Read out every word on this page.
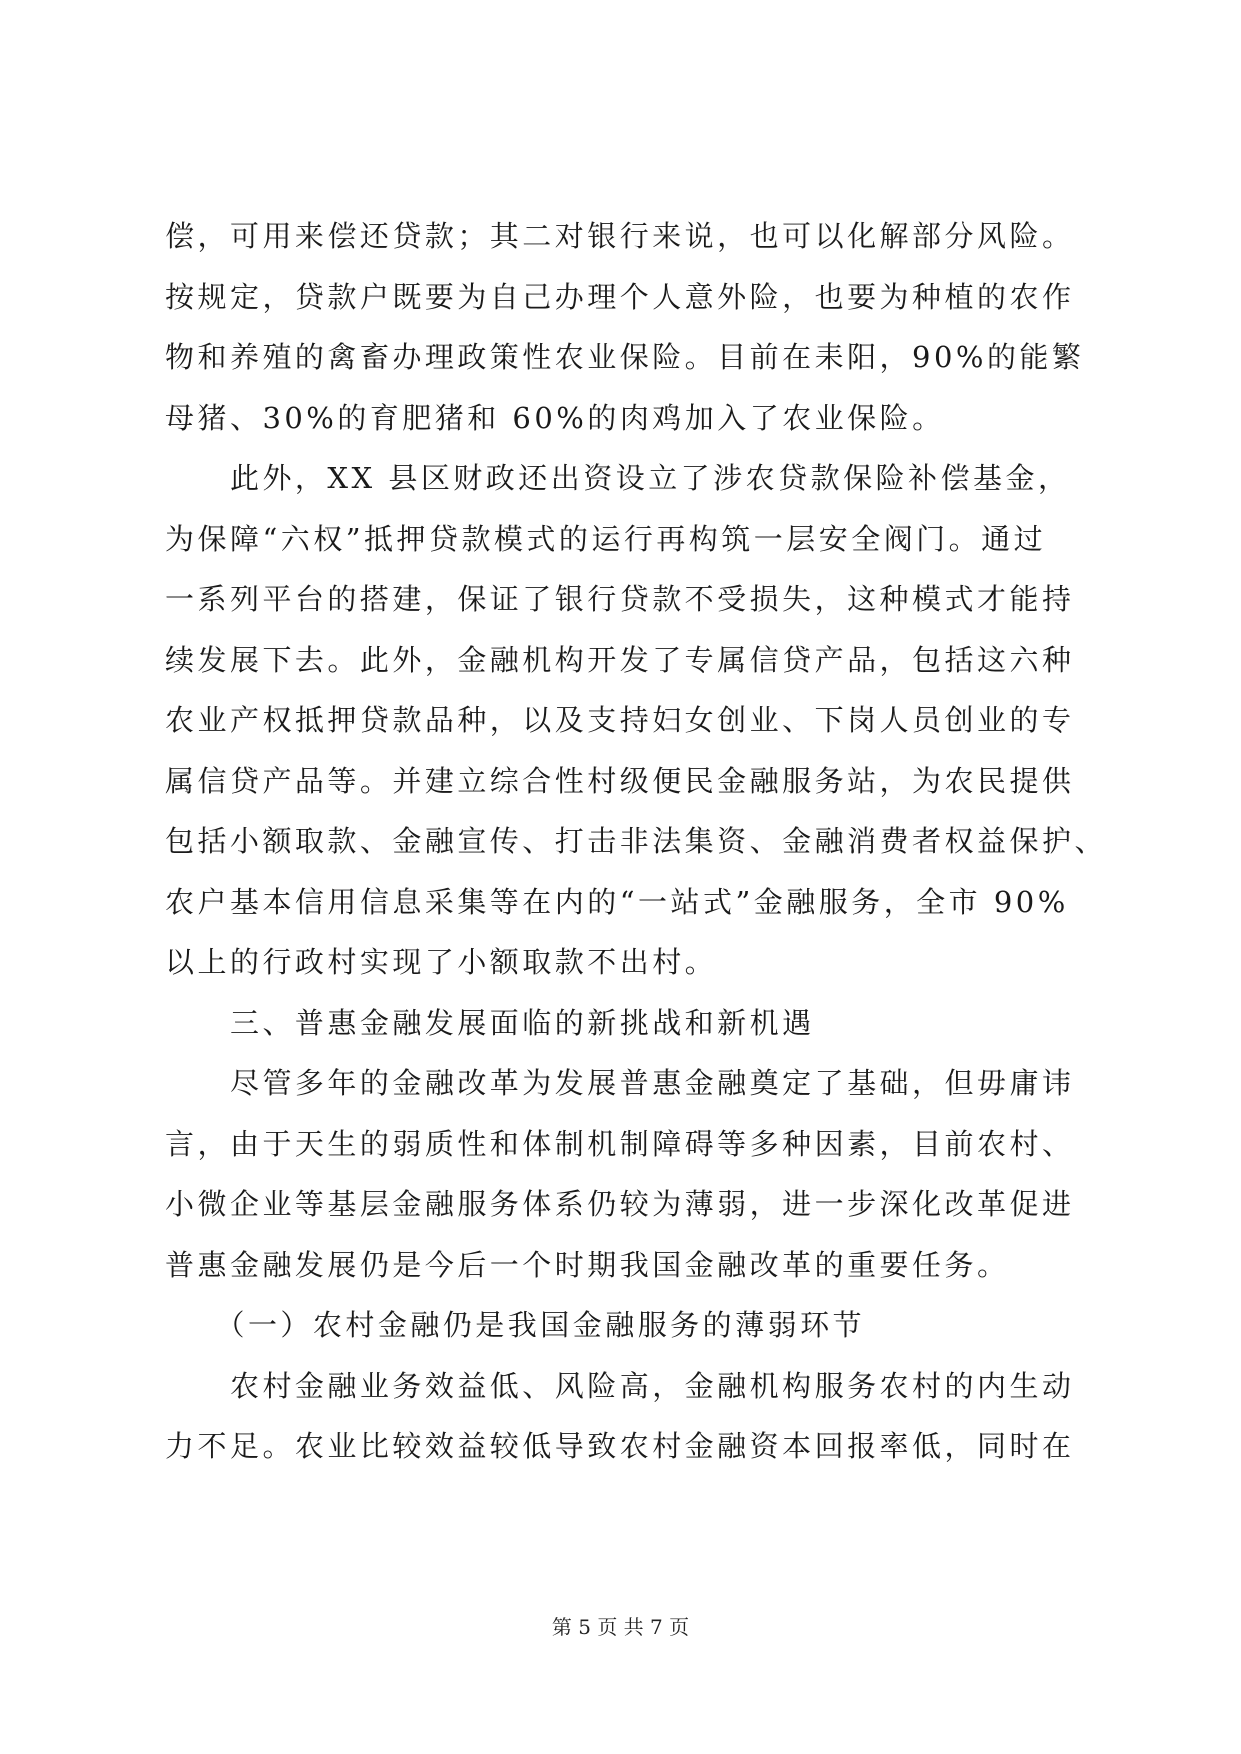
偿，可用来偿还贷款；其二对银行来说，也可以化解部分风险。
按规定，贷款户既要为自己办理个人意外险，也要为种植的农作
物和养殖的禽畜办理政策性农业保险。目前在耒阳，90%的能繁
母猪、30%的育肥猪和 60%的肉鸡加入了农业保险。
　　此外，XX 县区财政还出资设立了涉农贷款保险补偿基金，
为保障“六权”抵押贷款模式的运行再构筑一层安全阀门。通过
一系列平台的搭建，保证了银行贷款不受损失，这种模式才能持
续发展下去。此外，金融机构开发了专属信贷产品，包括这六种
农业产权抵押贷款品种，以及支持妇女创业、下岗人员创业的专
属信贷产品等。并建立综合性村级便民金融服务站，为农民提供
包括小额取款、金融宣传、打击非法集资、金融消费者权益保护、
农户基本信用信息采集等在内的“一站式”金融服务，全市 90%
以上的行政村实现了小额取款不出村。
　　三、普惠金融发展面临的新挑战和新机遇
　　尽管多年的金融改革为发展普惠金融奠定了基础，但毋庸讳
言，由于天生的弱质性和体制机制障碍等多种因素，目前农村、
小微企业等基层金融服务体系仍较为薄弱，进一步深化改革促进
普惠金融发展仍是今后一个时期我国金融改革的重要任务。
　　（一）农村金融仍是我国金融服务的薄弱环节
　　农村金融业务效益低、风险高，金融机构服务农村的内生动
力不足。农业比较效益较低导致农村金融资本回报率低，同时在
第 5 页 共 7 页
